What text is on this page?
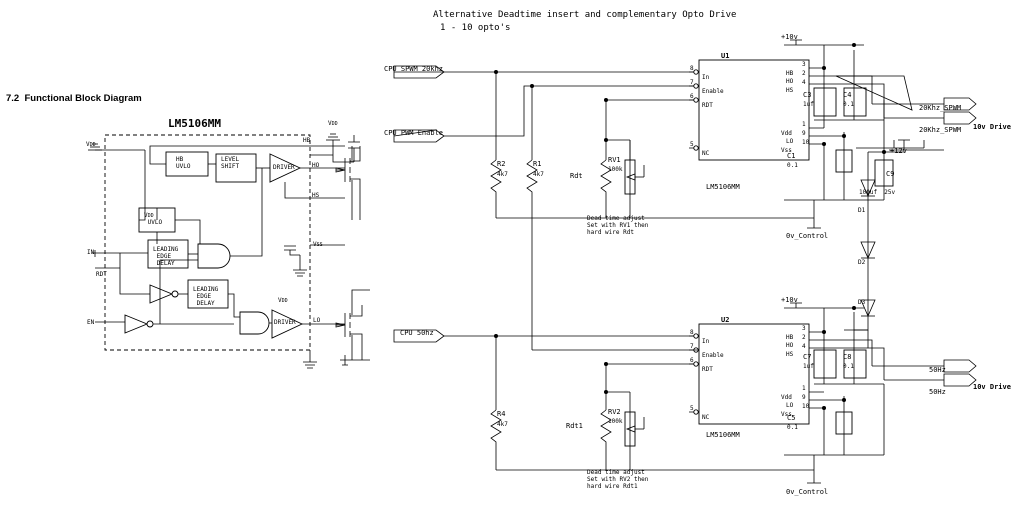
Alternative Deadtime insert and complementary Opto Drive
1 - 10 opto's
7.2  Functional Block Diagram
LM5106MM
HB
UVLO
LEVEL
SHIFT	DRIVER
VDD
UVLO
LEADING
EDGE
DELAY
LEADING
EDGE
DELAY
DRIVER
VDD
VDD
VDD
HB
HO
HS
LO
VSS
IN
RDT
EN
CPU SPWM 20khz
CPU PWM Enable
U1
LM5106MM
8
In
7
Enable
6
RDT
5
NC
3
HB 2
HO 4
HS
1
Vdd 9
LO 10
Vss
+10v
+12v
R2
4k7
R1
4k7	Rdt
RV1
100k
C3
1uf
C4
0.1
C1
0.1
C9
100uf  25v
D1
D2
D3
20Khz_SPWM
20Khz_SPWM 10v Drive
0v_Control
Dead time adjust
Set with RV1 then
hard wire Rdt
CPU 50hz
U2
LM5106MM
8
In
7
Enable
6
RDT
5
NC
3
HB 2
HO 4
HS
1
Vdd 9
LO 10
Vss
+10v
R4
4k7	Rdt1
RV2
100k
C7
1uf
C8
0.1
C5
0.1
50Hz
50Hz
10v Drive
0v_Control
Dead time adjust
Set with RV2 then
hard wire Rdt1
